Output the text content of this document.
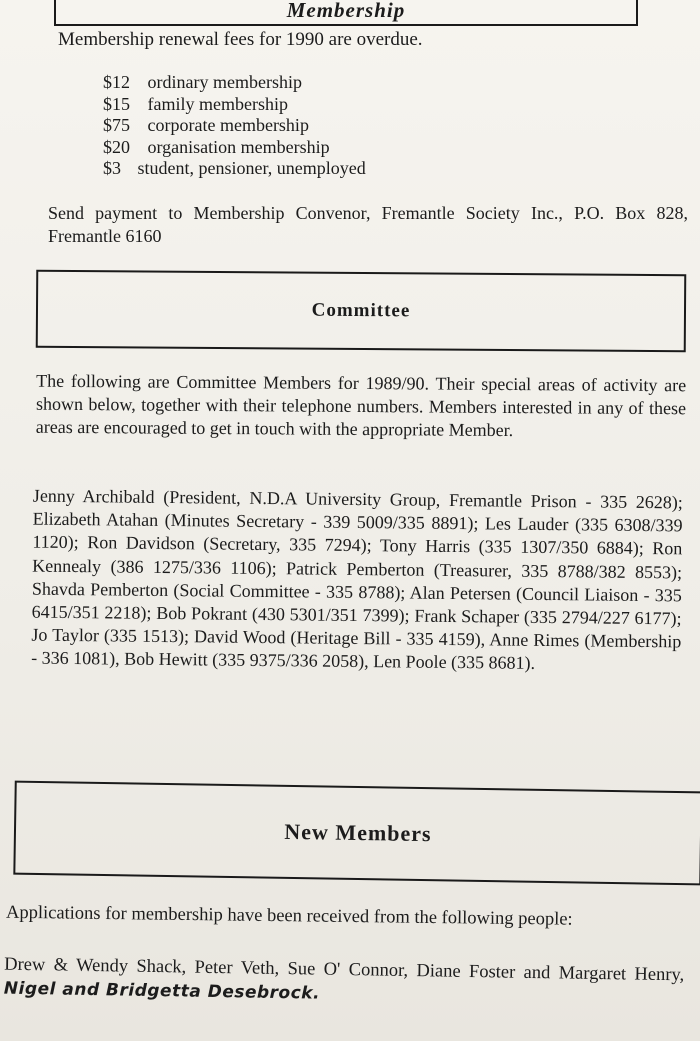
Membership

Membership renewal fees for 1990 are overdue.

$12 ordinary membership
$15 family membership
$75 corporate membership
$20 organisation membership
$3 student, pensioner, unemployed

Send payment to Membership Convenor, Fremantle Society Inc., P.O. Box 828, Fremantle 6160

Committee

The following are Committee Members for 1989/90. Their special areas of activity are shown below, together with their telephone numbers. Members interested in any of these areas are encouraged to get in touch with the appropriate Member.

Jenny Archibald (President, N.D.A University Group, Fremantle Prison - 335 2628); Elizabeth Atahan (Minutes Secretary - 339 5009/335 8891); Les Lauder (335 6308/339 1120); Ron Davidson (Secretary, 335 7294); Tony Harris (335 1307/350 6884); Ron Kennealy (386 1275/336 1106); Patrick Pemberton (Treasurer, 335 8788/382 8553); Shavda Pemberton (Social Committee - 335 8788); Alan Petersen (Council Liaison - 335 6415/351 2218); Bob Pokrant (430 5301/351 7399); Frank Schaper (335 2794/227 6177); Jo Taylor (335 1513); David Wood (Heritage Bill - 335 4159), Anne Rimes (Membership - 336 1081), Bob Hewitt (335 9375/336 2058), Len Poole (335 8681).

New Members

Applications for membership have been received from the following people:

Drew & Wendy Shack, Peter Veth, Sue O' Connor, Diane Foster and Margaret Henry, Nigel and Bridgetta Desebrock.
